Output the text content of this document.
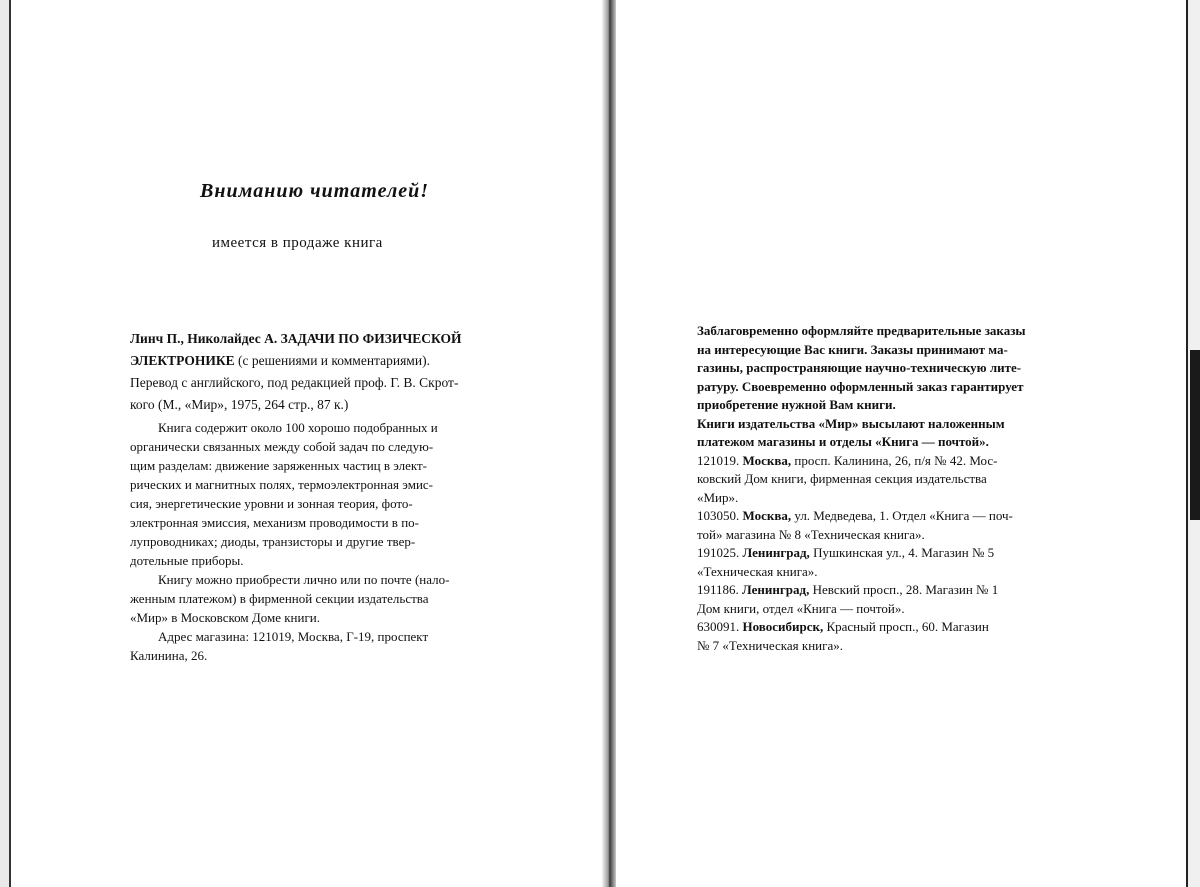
Вниманию читателей!
имеется в продаже книга

Линч П., Николайдес А. ЗАДАЧИ ПО ФИЗИЧЕСКОЙ

ЭЛЕКТРОНИКЕ (с решениями и комментариями).

Перевод с английского, под редакцией проф. Г. В. Скрот-

кого (М., «Мир», 1975, 264 стр., 87 к.)

Книга содержит около 100 хорошо подобранных и

органически связанных между собой задач по следую-

щим разделам: движение заряженных частиц в элект-

рических и магнитных полях, термоэлектронная эмис-

сия, энергетические уровни и зонная теория, фото-

электронная эмиссия, механизм проводимости в по-

лупроводниках; диоды, транзисторы и другие твер-

дотельные приборы.

Книгу можно приобрести лично или по почте (нало-

женным платежом) в фирменной секции издательства

«Мир» в Московском Доме книги.

Адрес магазина: 121019, Москва, Г-19, проспект

Калинина, 26.

Заблаговременно оформляйте предварительные заказы

на интересующие Вас книги. Заказы принимают ма-

газины, распространяющие научно-техническую лите-

ратуру. Своевременно оформленный заказ гарантирует

приобретение нужной Вам книги.

Книги издательства «Мир» высылают наложенным

платежом магазины и отделы «Книга — почтой».

121019. Москва, просп. Калинина, 26, п/я № 42. Мос-

ковский Дом книги, фирменная секция издательства

«Мир».

103050. Москва, ул. Медведева, 1. Отдел «Книга — поч-

той» магазина № 8 «Техническая книга».

191025. Ленинград, Пушкинская ул., 4. Магазин № 5

«Техническая книга».

191186. Ленинград, Невский просп., 28. Магазин № 1

Дом книги, отдел «Книга — почтой».

630091. Новосибирск, Красный просп., 60. Магазин

№ 7 «Техническая книга».
